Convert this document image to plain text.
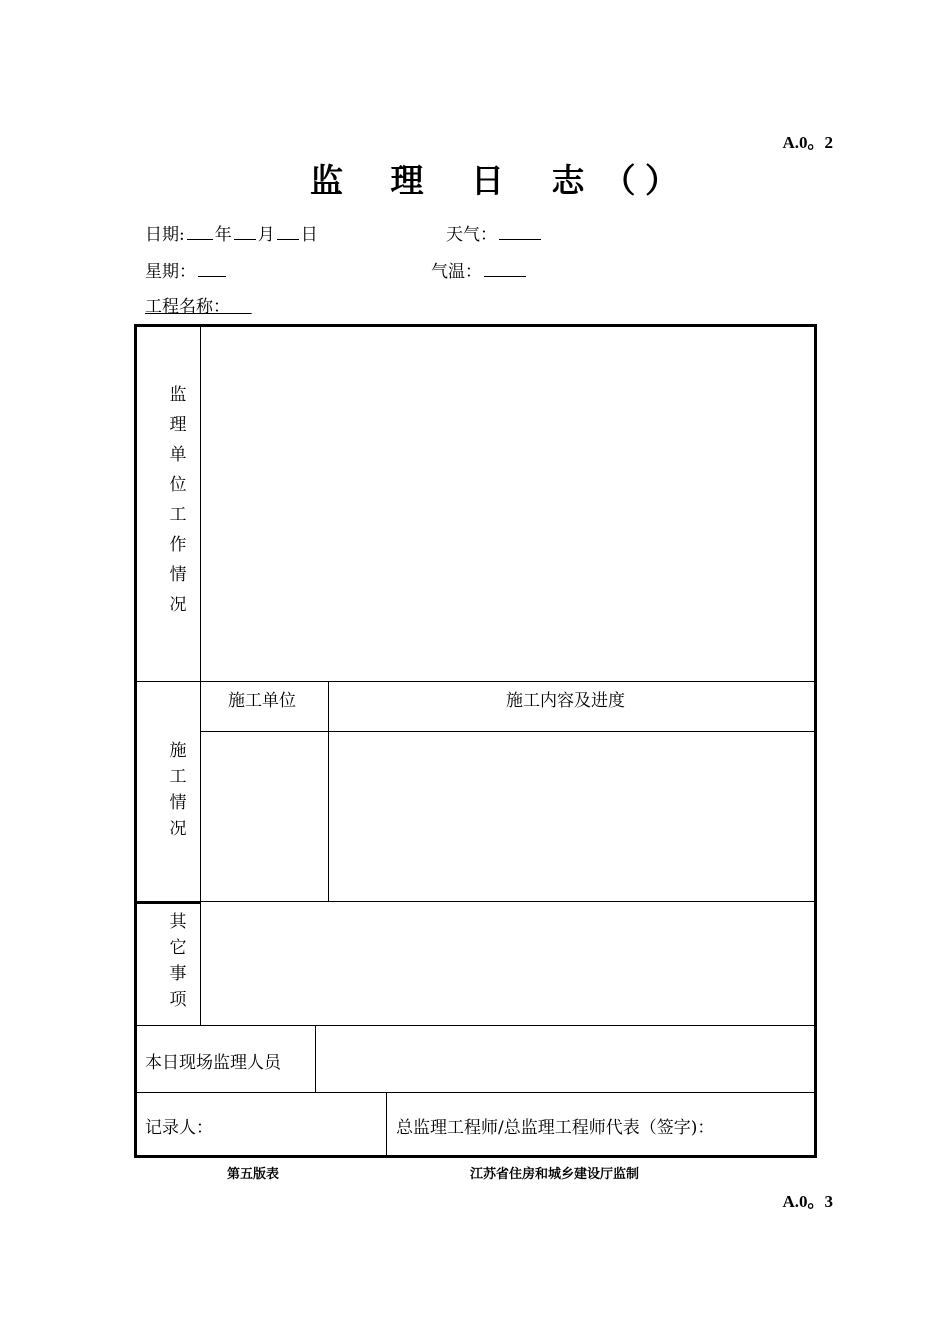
A.0。2
监 理 日 志（
）
日期: 年 月 日	天气：
星期：	气温：
工程名称：
监
理
单
位
工
作
情
况
施
工
情
况
其
它
事
项
施工单位	施工内容及进度
本日现场监理人员
记录人：	总监理工程师/总监理工程师代表（签字)：
第五版表	江苏省住房和城乡建设厅监制
A.0。3
